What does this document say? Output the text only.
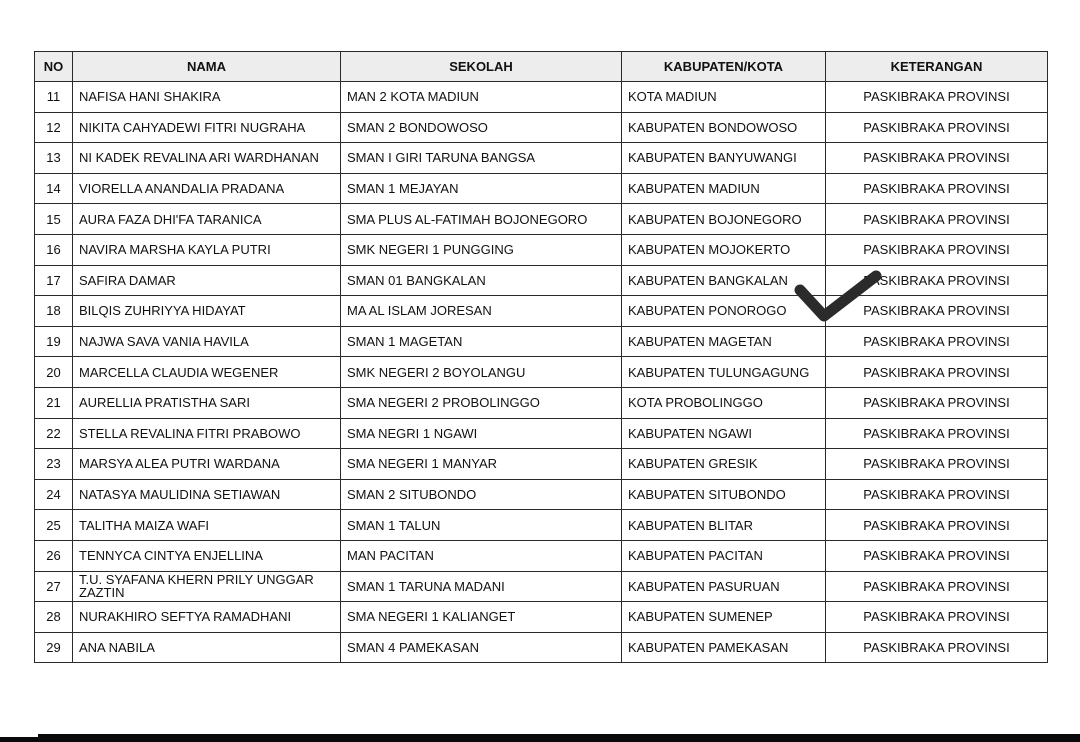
NO	NAMA	SEKOLAH	KABUPATEN/KOTA	KETERANGAN
11	NAFISA HANI SHAKIRA	MAN 2 KOTA MADIUN	KOTA MADIUN	PASKIBRAKA PROVINSI
12	NIKITA CAHYADEWI FITRI NUGRAHA	SMAN 2 BONDOWOSO	KABUPATEN BONDOWOSO	PASKIBRAKA PROVINSI
13	NI KADEK REVALINA ARI WARDHANAN	SMAN I GIRI TARUNA BANGSA	KABUPATEN BANYUWANGI	PASKIBRAKA PROVINSI
14	VIORELLA ANANDALIA PRADANA	SMAN 1 MEJAYAN	KABUPATEN MADIUN	PASKIBRAKA PROVINSI
15	AURA FAZA DHI'FA TARANICA	SMA PLUS AL-FATIMAH BOJONEGORO	KABUPATEN BOJONEGORO	PASKIBRAKA PROVINSI
16	NAVIRA MARSHA KAYLA PUTRI	SMK NEGERI 1 PUNGGING	KABUPATEN MOJOKERTO	PASKIBRAKA PROVINSI
17	SAFIRA DAMAR	SMAN 01 BANGKALAN	KABUPATEN BANGKALAN	PASKIBRAKA PROVINSI
18	BILQIS ZUHRIYYA HIDAYAT	MA AL ISLAM JORESAN	KABUPATEN PONOROGO	PASKIBRAKA PROVINSI
19	NAJWA SAVA VANIA HAVILA	SMAN 1 MAGETAN	KABUPATEN MAGETAN	PASKIBRAKA PROVINSI
20	MARCELLA CLAUDIA WEGENER	SMK NEGERI 2 BOYOLANGU	KABUPATEN TULUNGAGUNG	PASKIBRAKA PROVINSI
21	AURELLIA PRATISTHA SARI	SMA NEGERI 2 PROBOLINGGO	KOTA PROBOLINGGO	PASKIBRAKA PROVINSI
22	STELLA REVALINA FITRI PRABOWO	SMA NEGRI 1 NGAWI	KABUPATEN NGAWI	PASKIBRAKA PROVINSI
23	MARSYA ALEA PUTRI WARDANA	SMA NEGERI 1 MANYAR	KABUPATEN GRESIK	PASKIBRAKA PROVINSI
24	NATASYA MAULIDINA SETIAWAN	SMAN 2 SITUBONDO	KABUPATEN SITUBONDO	PASKIBRAKA PROVINSI
25	TALITHA MAIZA WAFI	SMAN 1 TALUN	KABUPATEN BLITAR	PASKIBRAKA PROVINSI
26	TENNYCA CINTYA ENJELLINA	MAN PACITAN	KABUPATEN PACITAN	PASKIBRAKA PROVINSI
27	T.U. SYAFANA KHERN PRILY UNGGAR ZAZTIN	SMAN 1 TARUNA MADANI	KABUPATEN PASURUAN	PASKIBRAKA PROVINSI
28	NURAKHIRO SEFTYA RAMADHANI	SMA NEGERI 1 KALIANGET	KABUPATEN SUMENEP	PASKIBRAKA PROVINSI
29	ANA NABILA	SMAN 4 PAMEKASAN	KABUPATEN PAMEKASAN	PASKIBRAKA PROVINSI
